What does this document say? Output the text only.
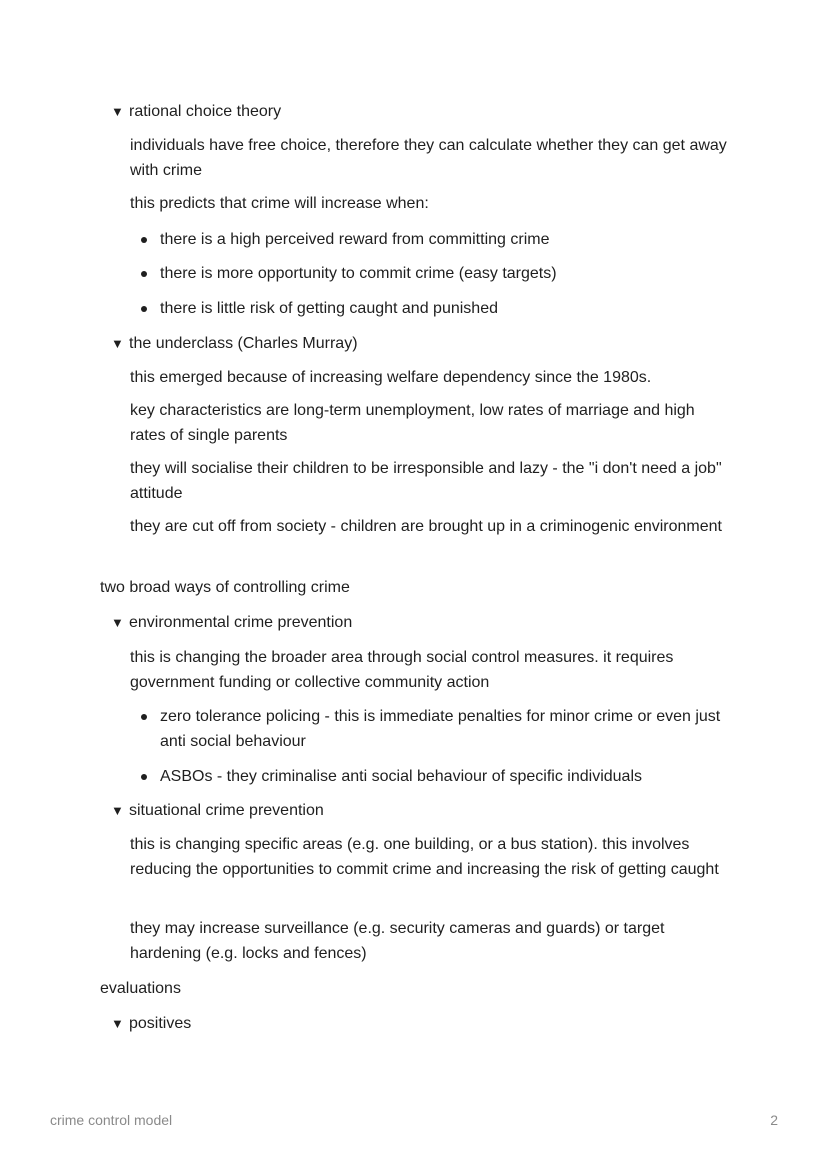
▼ rational choice theory

individuals have free choice, therefore they can calculate whether they can get away with crime

this predicts that crime will increase when:

there is a high perceived reward from committing crime
there is more opportunity to commit crime (easy targets)
there is little risk of getting caught and punished
▼ the underclass (Charles Murray)

this emerged because of increasing welfare dependency since the 1980s.

key characteristics are long-term unemployment, low rates of marriage and high rates of single parents

they will socialise their children to be irresponsible and lazy - the "i don't need a job" attitude

they are cut off from society - children are brought up in a criminogenic environment

two broad ways of controlling crime

▼ environmental crime prevention

this is changing the broader area through social control measures. it requires government funding or collective community action

zero tolerance policing - this is immediate penalties for minor crime or even just anti social behaviour
ASBOs - they criminalise anti social behaviour of specific individuals
▼ situational crime prevention

this is changing specific areas (e.g. one building, or a bus station). this involves reducing the opportunities to commit crime and increasing the risk of getting caught

they may increase surveillance (e.g. security cameras and guards) or target hardening (e.g. locks and fences)

evaluations

▼ positives
crime control model	2
